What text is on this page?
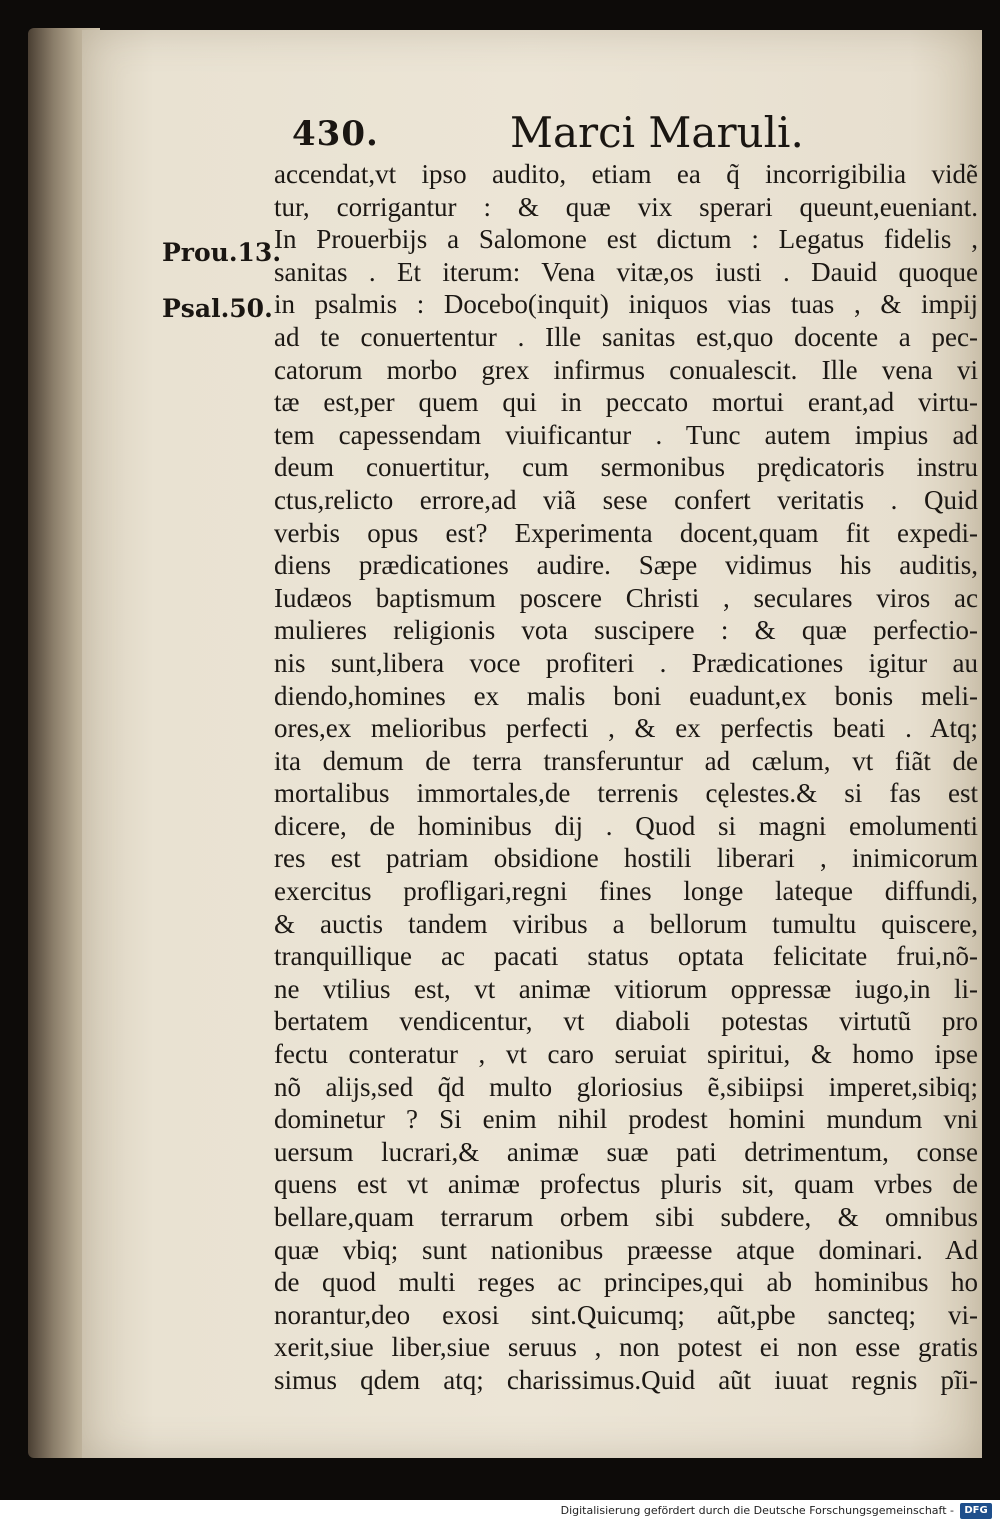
430.	Marci Maruli.
Prou.13.
Psal.50.
accendat,vt ipso audito, etiam ea q̃ incorrigibilia vidẽ
tur, corrigantur : & quæ vix sperari queunt,eueniant.
In Prouerbijs a Salomone est dictum : Legatus fidelis ,
sanitas . Et iterum: Vena vitæ,os iusti . Dauid quoque
in psalmis : Docebo(inquit) iniquos vias tuas , & impij
ad te conuertentur . Ille sanitas est,quo docente a pec-
catorum morbo grex infirmus conualescit. Ille vena vi
tæ est,per quem qui in peccato mortui erant,ad virtu-
tem capessendam viuificantur . Tunc autem impius ad
deum conuertitur, cum sermonibus prędicatoris instru
ctus,relicto errore,ad viã sese confert veritatis . Quid
verbis opus est? Experimenta docent,quam fit expedi-
diens prædicationes audire. Sæpe vidimus his auditis,
Iudæos baptismum poscere Christi , seculares viros ac
mulieres religionis vota suscipere : & quæ perfectio-
nis sunt,libera voce profiteri . Prædicationes igitur au
diendo,homines ex malis boni euadunt,ex bonis meli-
ores,ex melioribus perfecti , & ex perfectis beati . Atq;
ita demum de terra transferuntur ad cælum, vt fiãt de
mortalibus immortales,de terrenis cęlestes.& si fas est
dicere, de hominibus dij . Quod si magni emolumenti
res est patriam obsidione hostili liberari , inimicorum
exercitus profligari,regni fines longe lateque diffundi,
& auctis tandem viribus a bellorum tumultu quiscere,
tranquillique ac pacati status optata felicitate frui,nõ-
ne vtilius est, vt animæ vitiorum oppressæ iugo,in li-
bertatem vendicentur, vt diaboli potestas virtutũ pro
fectu conteratur , vt caro seruiat spiritui, & homo ipse
nõ alijs,sed q̃d multo gloriosius ẽ,sibiipsi imperet,sibiq;
dominetur ? Si enim nihil prodest homini mundum vni
uersum lucrari,& animæ suæ pati detrimentum, conse
quens est vt animæ profectus pluris sit, quam vrbes de
bellare,quam terrarum orbem sibi subdere, & omnibus
quæ vbiq; sunt nationibus præesse atque dominari. Ad
de quod multi reges ac principes,qui ab hominibus ho
norantur,deo exosi sint.Quicumq; aũt,pbe sancteq; vi-
xerit,siue liber,siue seruus , non potest ei non esse gratis
simus qdem atq; charissimus.Quid aũt iuuat regnis pĩi-
Digitalisierung gefördert durch die Deutsche Forschungsgemeinschaft -	DFG
